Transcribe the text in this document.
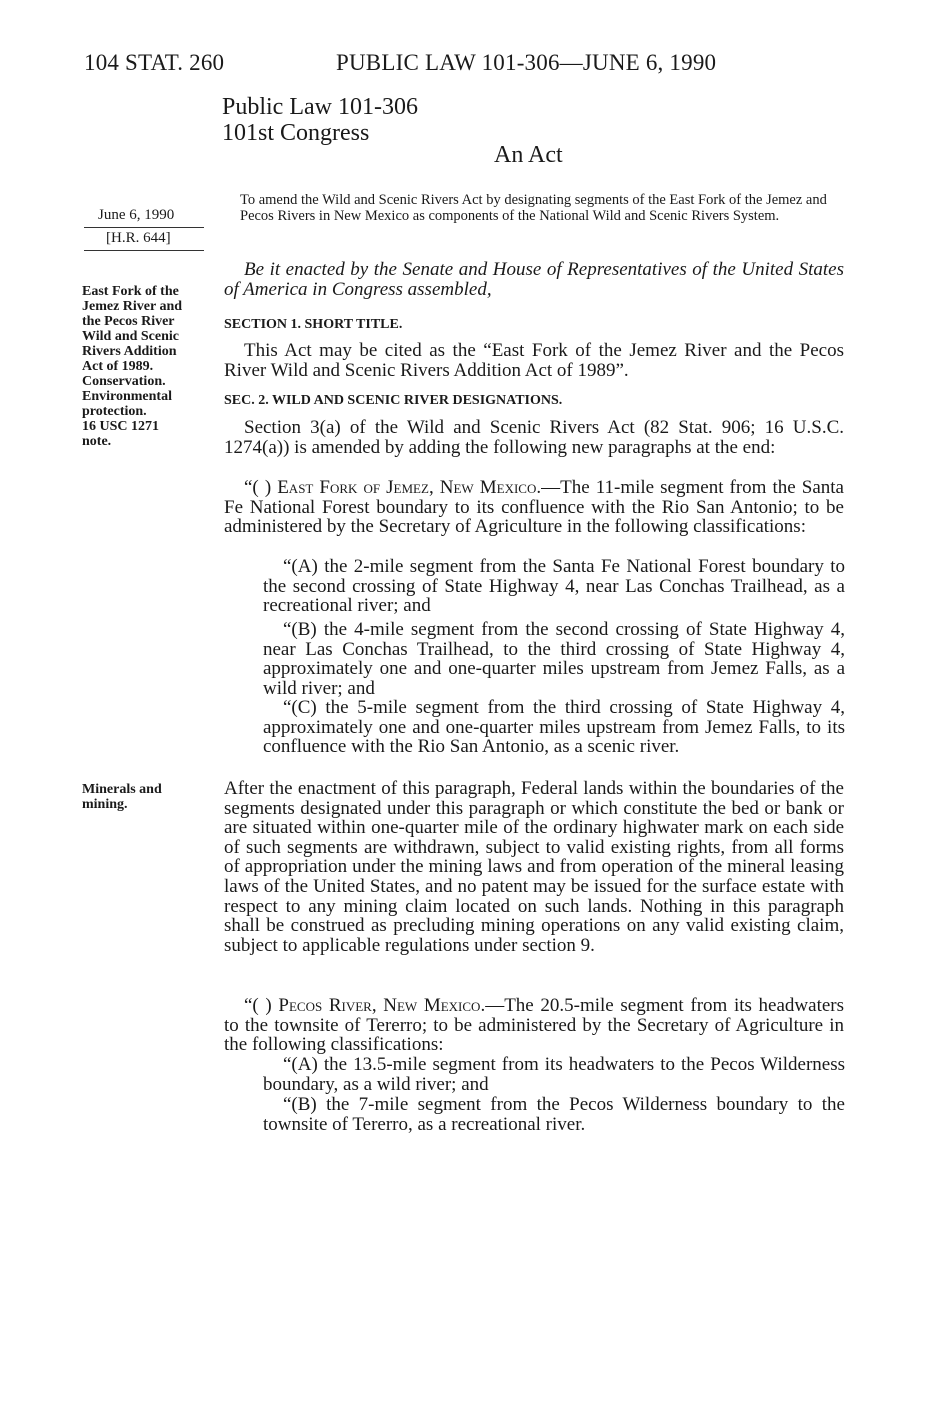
104 STAT. 260	PUBLIC LAW 101-306—JUNE 6, 1990
Public Law 101-306
101st Congress
An Act
June 6, 1990
[H.R. 644]
East Fork of the
Jemez River and
the Pecos River
Wild and Scenic
Rivers Addition
Act of 1989.
Conservation.
Environmental
protection.
16 USC 1271
note.
Minerals and
mining.
To amend the Wild and Scenic Rivers Act by designating segments of the East Fork of the Jemez and Pecos Rivers in New Mexico as components of the National Wild and Scenic Rivers System.
Be it enacted by the Senate and House of Representatives of the United States of America in Congress assembled,
SECTION 1. SHORT TITLE.
This Act may be cited as the “East Fork of the Jemez River and the Pecos River Wild and Scenic Rivers Addition Act of 1989”.
SEC. 2. WILD AND SCENIC RIVER DESIGNATIONS.
Section 3(a) of the Wild and Scenic Rivers Act (82 Stat. 906; 16 U.S.C. 1274(a)) is amended by adding the following new paragraphs at the end:
“( ) East Fork of Jemez, New Mexico.—The 11-mile segment from the Santa Fe National Forest boundary to its confluence with the Rio San Antonio; to be administered by the Secretary of Agriculture in the following classifications:
“(A) the 2-mile segment from the Santa Fe National Forest boundary to the second crossing of State Highway 4, near Las Conchas Trailhead, as a recreational river; and
“(B) the 4-mile segment from the second crossing of State Highway 4, near Las Conchas Trailhead, to the third crossing of State Highway 4, approximately one and one-quarter miles upstream from Jemez Falls, as a wild river; and
“(C) the 5-mile segment from the third crossing of State Highway 4, approximately one and one-quarter miles upstream from Jemez Falls, to its confluence with the Rio San Antonio, as a scenic river.
After the enactment of this paragraph, Federal lands within the boundaries of the segments designated under this paragraph or which constitute the bed or bank or are situated within one-quarter mile of the ordinary highwater mark on each side of such segments are withdrawn, subject to valid existing rights, from all forms of appropriation under the mining laws and from operation of the mineral leasing laws of the United States, and no patent may be issued for the surface estate with respect to any mining claim located on such lands. Nothing in this paragraph shall be construed as precluding mining operations on any valid existing claim, subject to applicable regulations under section 9.
“( ) Pecos River, New Mexico.—The 20.5-mile segment from its headwaters to the townsite of Tererro; to be administered by the Secretary of Agriculture in the following classifications:
“(A) the 13.5-mile segment from its headwaters to the Pecos Wilderness boundary, as a wild river; and
“(B) the 7-mile segment from the Pecos Wilderness boundary to the townsite of Tererro, as a recreational river.
